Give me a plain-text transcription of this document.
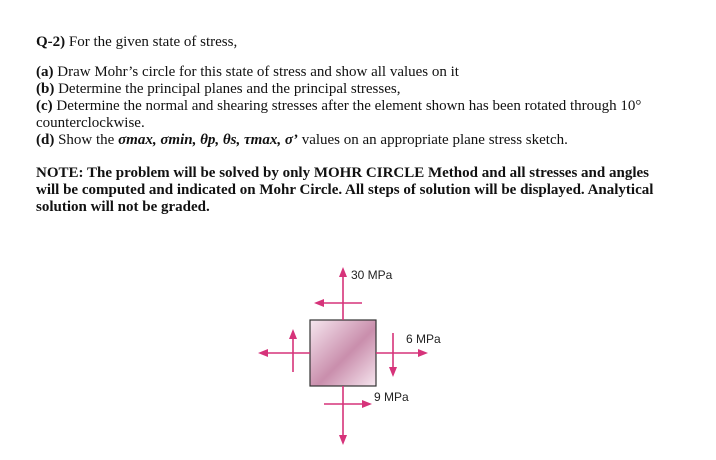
Q-2) For the given state of stress,

(a) Draw Mohr’s circle for this state of stress and show all values on it

(b) Determine the principal planes and the principal stresses,

(c) Determine the normal and shearing stresses after the element shown has been rotated through 10° counterclockwise.

(d) Show the σmax, σmin, θp, θs, τmax, σ’ values on an appropriate plane stress sketch.

NOTE: The problem will be solved by only MOHR CIRCLE Method and all stresses and angles will be computed and indicated on Mohr Circle. All steps of solution will be displayed. Analytical solution will not be graded.

30 MPa
6 MPa
9 MPa
